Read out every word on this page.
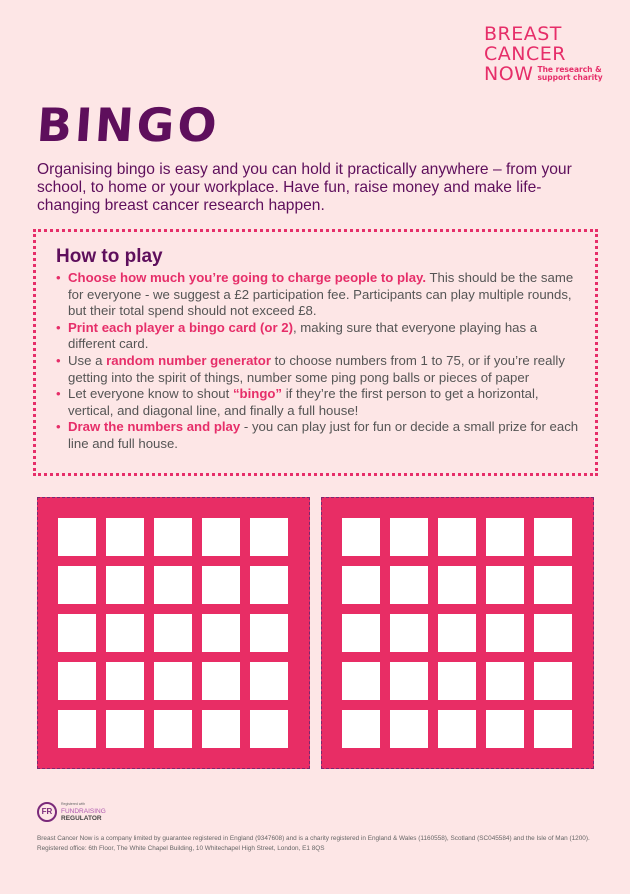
BREAST
CANCER
NOW The research &
support charity
BINGO

Organising bingo is easy and you can hold it practically anywhere – from your school, to home or your workplace. Have fun, raise money and make life-changing breast cancer research happen.

How to play
• Choose how much you’re going to charge people to play. This should be the same for everyone - we suggest a £2 participation fee. Participants can play multiple rounds, but their total spend should not exceed £8.
• Print each player a bingo card (or 2), making sure that everyone playing has a different card.
• Use a random number generator to choose numbers from 1 to 75, or if you’re really getting into the spirit of things, number some ping pong balls or pieces of paper
• Let everyone know to shout “bingo” if they’re the first person to get a horizontal, vertical, and diagonal line, and finally a full house!
• Draw the numbers and play - you can play just for fun or decide a small prize for each line and full house.
FR
Registered with
FUNDRAISING
REGULATOR

Breast Cancer Now is a company limited by guarantee registered in England (9347608) and is a charity registered in England & Wales (1160558), Scotland (SC045584) and the Isle of Man (1200). Registered office: 6th Floor, The White Chapel Building, 10 Whitechapel High Street, London, E1 8QS
